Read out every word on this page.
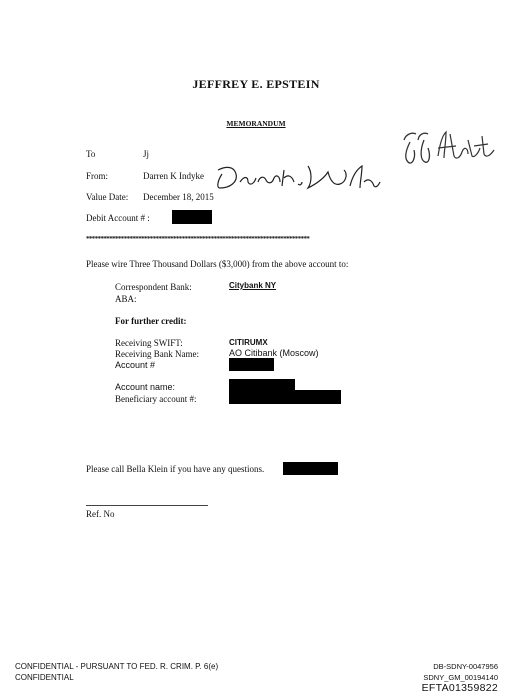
JEFFREY E. EPSTEIN
MEMORANDUM
To	Jj
From:	Darren K Indyke
Value Date: December 18, 2015
Debit Account # :
*****************************************************************************
Please wire Three Thousand Dollars ($3,000) from the above account to:
Correspondent Bank:	Citybank NY
ABA:
For further credit:
Receiving SWIFT:	CITIRUMX
Receiving Bank Name:	AO Citibank (Moscow)
Account #
Account name:
Beneficiary account #:
Please call Bella Klein if you have any questions.
Ref. No
CONFIDENTIAL - PURSUANT TO FED. R. CRIM. P. 6(e)
CONFIDENTIAL
DB-SDNY-0047956
SDNY_GM_00194140
EFTA01359822
